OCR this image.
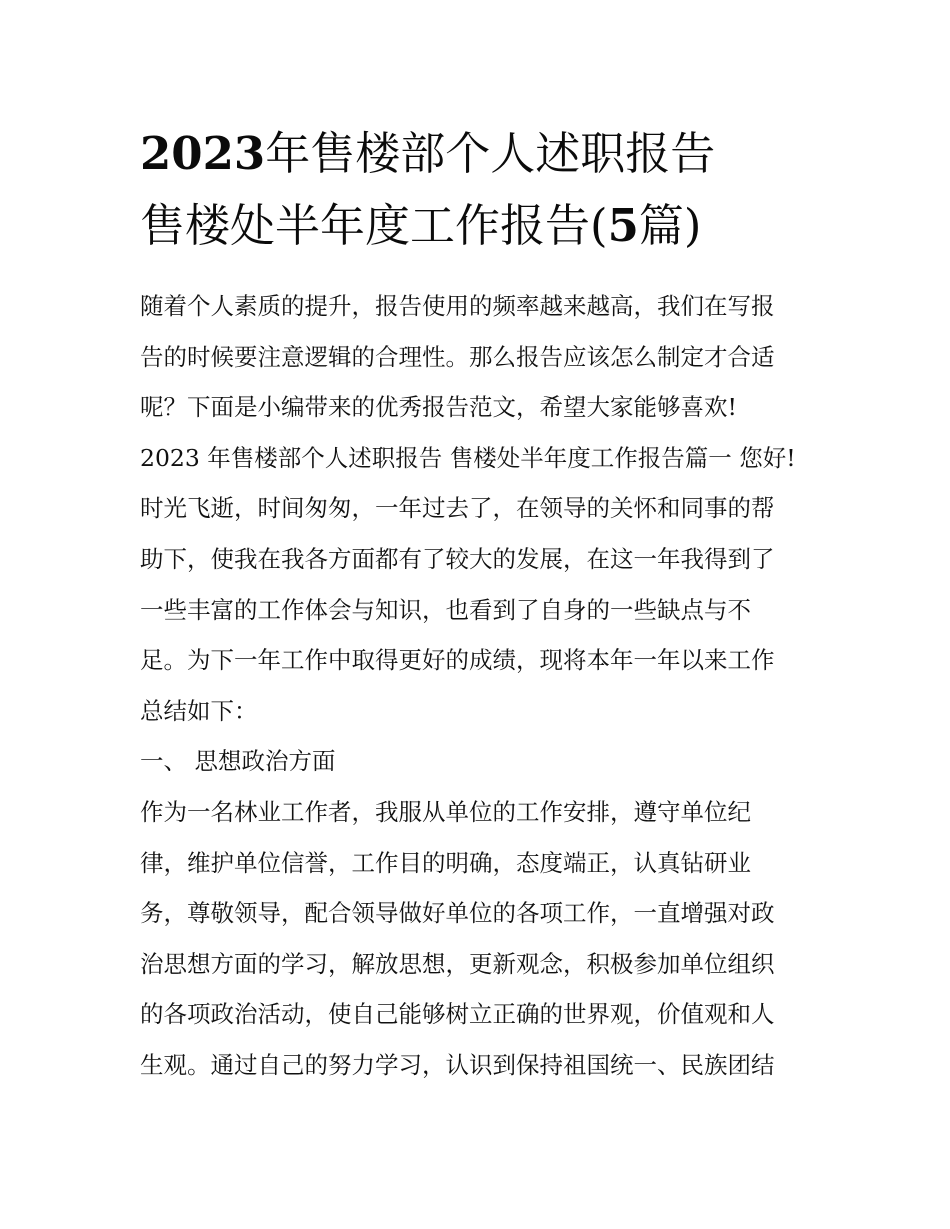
2023年售楼部个人述职报告
售楼处半年度工作报告(5篇)
随着个人素质的提升，报告使用的频率越来越高，我们在写报
告的时候要注意逻辑的合理性。那么报告应该怎么制定才合适
呢？下面是小编带来的优秀报告范文，希望大家能够喜欢!
2023 年售楼部个人述职报告 售楼处半年度工作报告篇一 您好!
时光飞逝，时间匆匆，一年过去了，在领导的关怀和同事的帮
助下，使我在我各方面都有了较大的发展，在这一年我得到了
一些丰富的工作体会与知识，也看到了自身的一些缺点与不
足。为下一年工作中取得更好的成绩，现将本年一年以来工作
总结如下：
一、 思想政治方面
作为一名林业工作者，我服从单位的工作安排，遵守单位纪
律，维护单位信誉，工作目的明确，态度端正，认真钻研业
务，尊敬领导，配合领导做好单位的各项工作，一直增强对政
治思想方面的学习，解放思想，更新观念，积极参加单位组织
的各项政治活动，使自己能够树立正确的世界观，价值观和人
生观。通过自己的努力学习，认识到保持祖国统一、民族团结
